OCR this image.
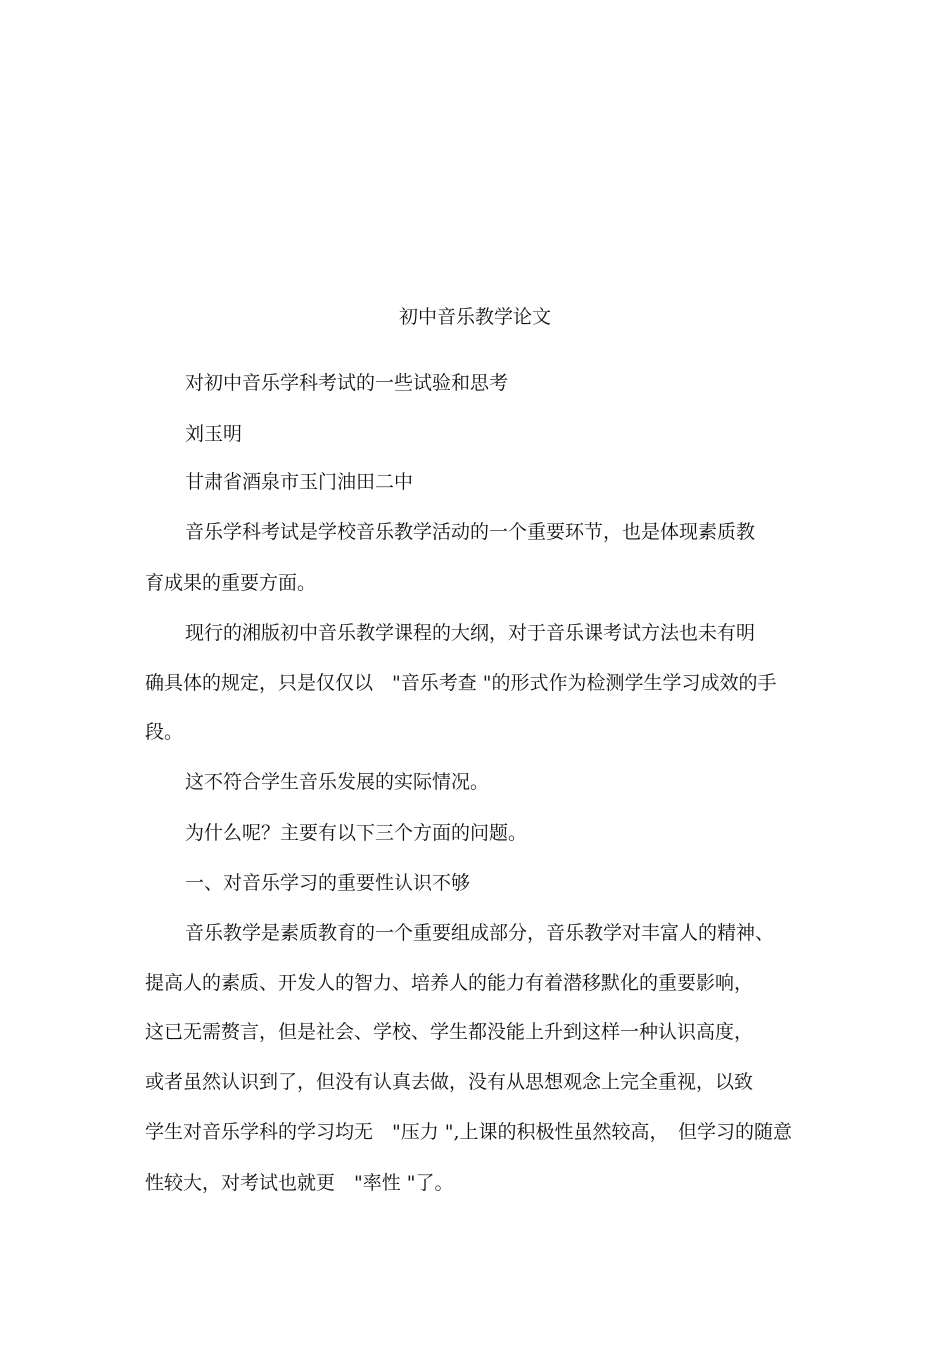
初中音乐教学论文
对初中音乐学科考试的一些试验和思考
刘玉明
甘肃省酒泉市玉门油田二中
音乐学科考试是学校音乐教学活动的一个重要环节，也是体现素质教
育成果的重要方面。
现行的湘版初中音乐教学课程的大纲，对于音乐课考试方法也未有明
确具体的规定，只是仅仅以　"音乐考查 "的形式作为检测学生学习成效的手
段。
这不符合学生音乐发展的实际情况。
为什么呢？主要有以下三个方面的问题。
一、对音乐学习的重要性认识不够
音乐教学是素质教育的一个重要组成部分，音乐教学对丰富人的精神、
提高人的素质、开发人的智力、培养人的能力有着潜移默化的重要影响，
这已无需赘言，但是社会、学校、学生都没能上升到这样一种认识高度，
或者虽然认识到了，但没有认真去做，没有从思想观念上完全重视，以致
学生对音乐学科的学习均无　"压力 ",上课的积极性虽然较高，　但学习的随意
性较大，对考试也就更　"率性 "了。
